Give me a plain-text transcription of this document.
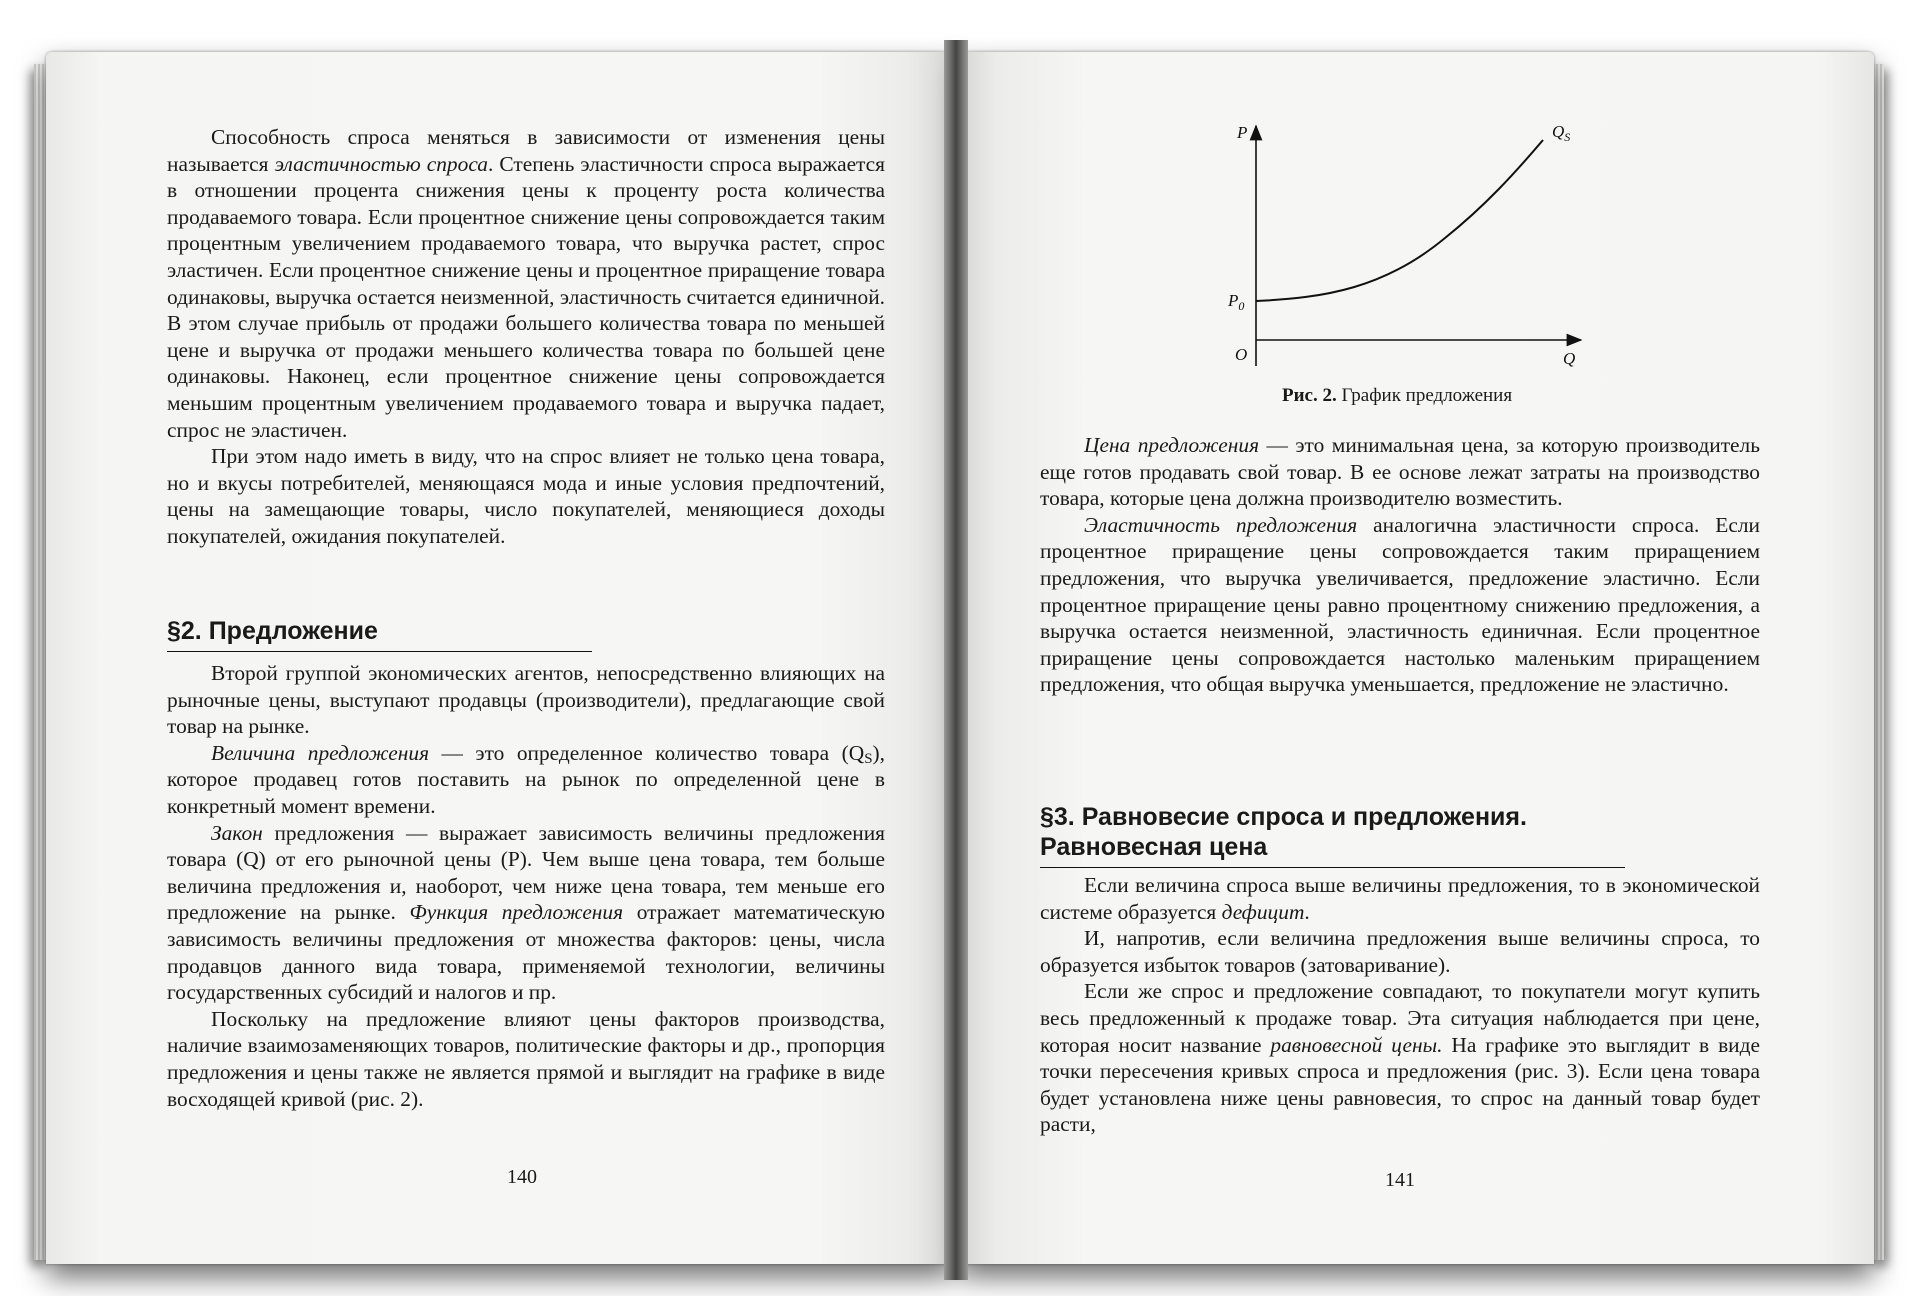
Способность спроса меняться в зависимости от изменения цены называется эластичностью спроса. Степень эластичности спроса выражается в отношении процента снижения цены к проценту роста количества продаваемого товара. Если процентное снижение цены сопровождается таким процентным увеличением продаваемого товара, что выручка растет, спрос эластичен. Если процентное снижение цены и процентное приращение товара одинаковы, выручка остается неизменной, эластичность считается единичной. В этом случае прибыль от продажи большего количества товара по меньшей цене и выручка от продажи меньшего количества товара по большей цене одинаковы. Наконец, если процентное снижение цены сопровождается меньшим процентным увеличением продаваемого товара и выручка падает, спрос не эластичен.

При этом надо иметь в виду, что на спрос влияет не только цена товара, но и вкусы потребителей, меняющаяся мода и иные условия предпочтений, цены на замещающие товары, число покупателей, меняющиеся доходы покупателей, ожидания покупателей.

§2. Предложение

Второй группой экономических агентов, непосредственно влияющих на рыночные цены, выступают продавцы (производители), предлагающие свой товар на рынке.

Величина предложения — это определенное количество товара $(Q_S)$, которое продавец готов поставить на рынок по определенной цене в конкретный момент времени.

Закон предложения — выражает зависимость величины предложения товара (Q) от его рыночной цены (P). Чем выше цена товара, тем больше величина предложения и, наоборот, чем ниже цена товара, тем меньше его предложение на рынке. Функция предложения отражает математическую зависимость величины предложения от множества факторов: цены, числа продавцов данного вида товара, применяемой технологии, величины государственных субсидий и налогов и пр.

Поскольку на предложение влияют цены факторов производства, наличие взаимозаменяющих товаров, политические факторы и др., пропорция предложения и цены также не является прямой и выглядит на графике в виде восходящей кривой (рис. 2).

140
P
O	Q
$P_0$
$Q_S$
Рис. 2. График предложения

Цена предложения — это минимальная цена, за которую производитель еще готов продавать свой товар. В ее основе лежат затраты на производство товара, которые цена должна производителю возместить.

Эластичность предложения аналогична эластичности спроса. Если процентное приращение цены сопровождается таким приращением предложения, что выручка увеличивается, предложение эластично. Если процентное приращение цены равно процентному снижению предложения, а выручка остается неизменной, эластичность единичная. Если процентное приращение цены сопровождается настолько маленьким приращением предложения, что общая выручка уменьшается, предложение не эластично.

§3. Равновесие спроса и предложения.
Равновесная цена

Если величина спроса выше величины предложения, то в экономической системе образуется дефицит.

И, напротив, если величина предложения выше величины спроса, то образуется избыток товаров (затоваривание).

Если же спрос и предложение совпадают, то покупатели могут купить весь предложенный к продаже товар. Эта ситуация наблюдается при цене, которая носит название равновесной цены. На графике это выглядит в виде точки пересечения кривых спроса и предложения (рис. 3). Если цена товара будет установлена ниже цены равновесия, то спрос на данный товар будет расти,

141
